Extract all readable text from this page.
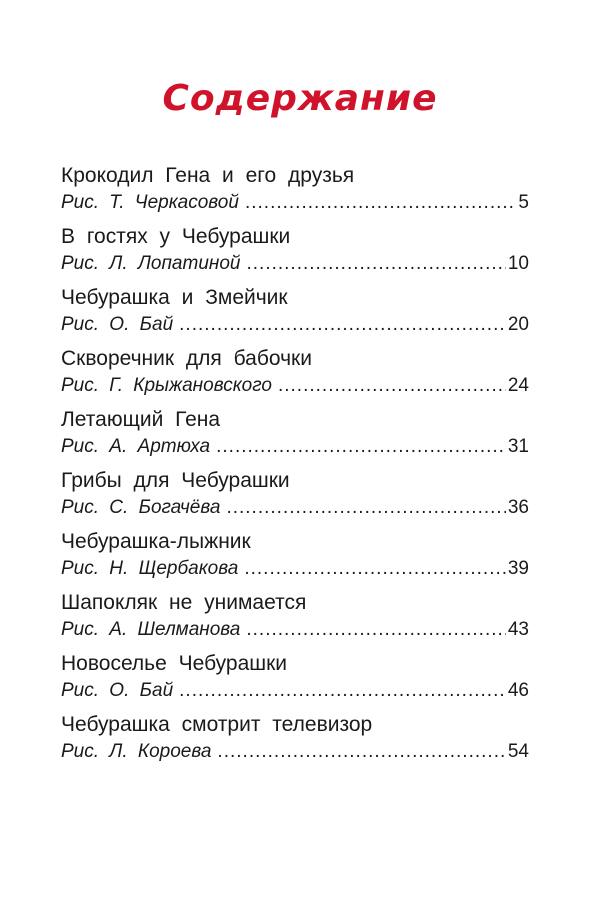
Содержание
Крокодил Гена и его друзья
Рис. Т. Черкасовой .....	5
В гостях у Чебурашки
Рис. Л. Лопатиной .....	10
Чебурашка и Змейчик
Рис. О. Бай .....	20
Скворечник для бабочки
Рис. Г. Крыжановского .....	24
Летающий Гена
Рис. А. Артюха .....	31
Грибы для Чебурашки
Рис. С. Богачёва .....	36
Чебурашка-лыжник
Рис. Н. Щербакова .....	39
Шапокляк не унимается
Рис. А. Шелманова .....	43
Новоселье Чебурашки
Рис. О. Бай .....	46
Чебурашка смотрит телевизор
Рис. Л. Короева .....	54
